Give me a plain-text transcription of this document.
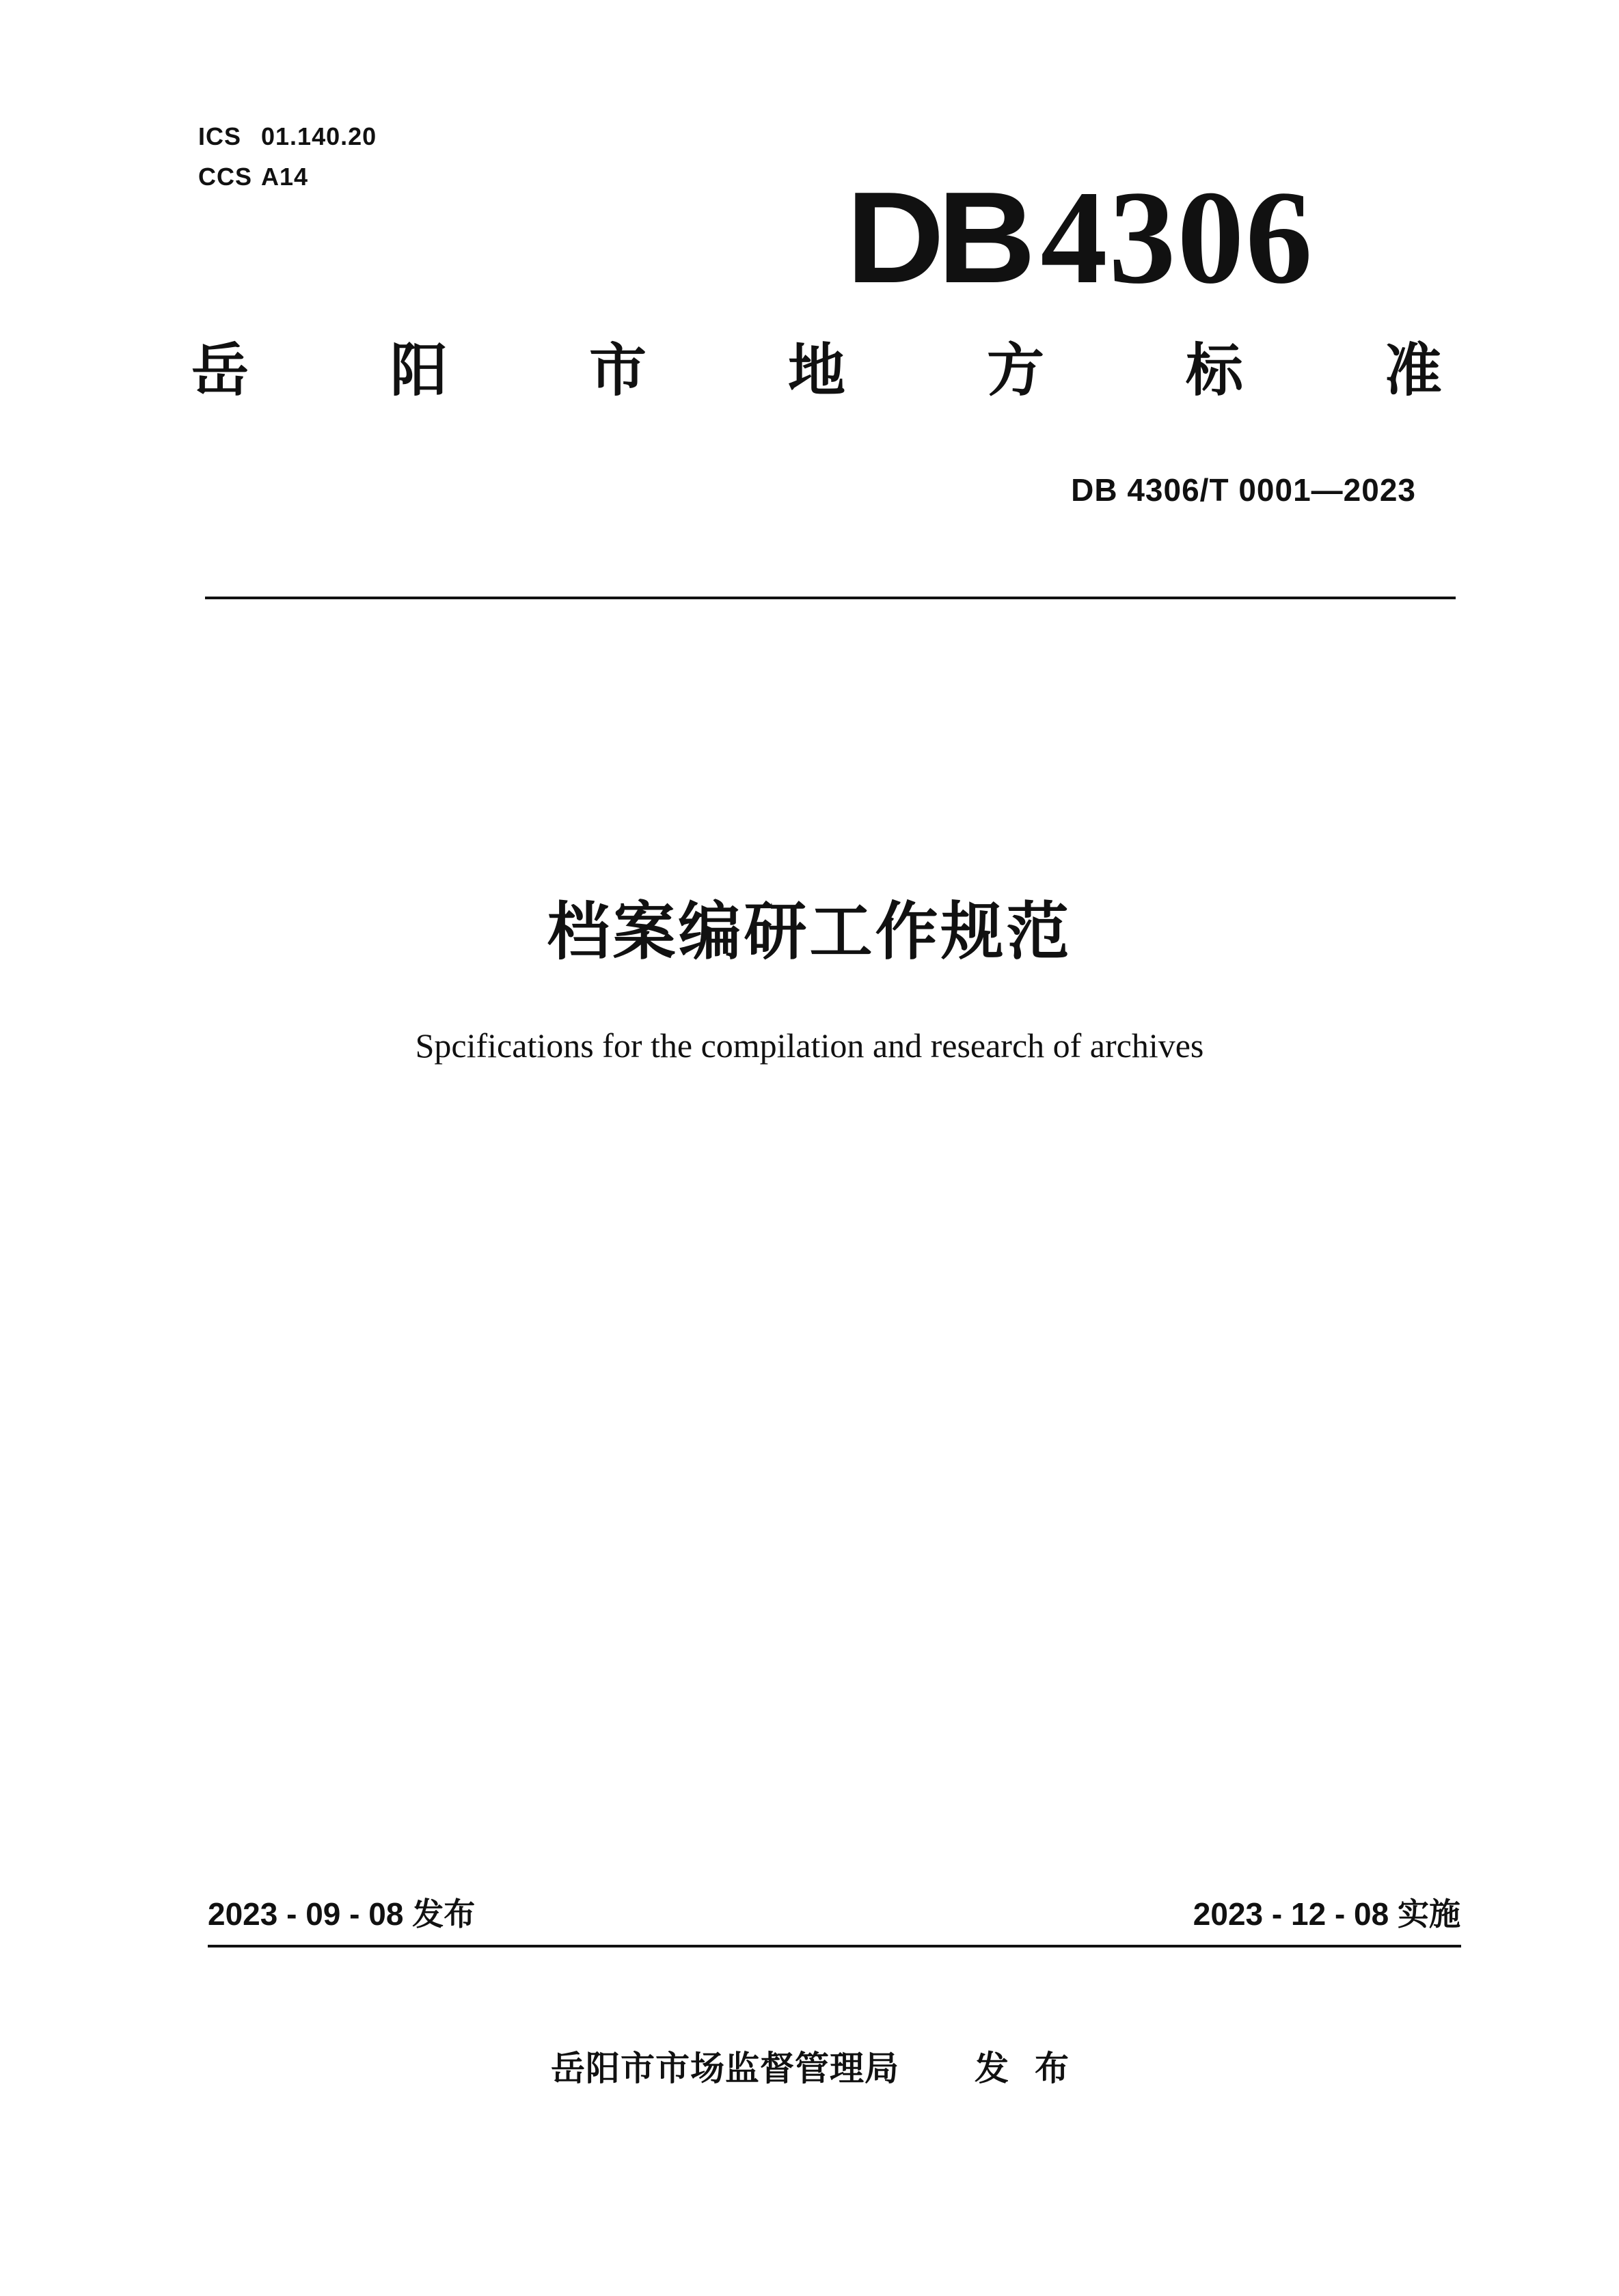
ICS 01.140.20
CCS A14	DB 4306
岳 阳 市 地 方 标 准
DB 4306/T 0001—2023
档案编研工作规范
Spcifications for the compilation and research of archives
2023 - 09 - 08 发布	2023 - 12 - 08 实施
岳阳市市场监督管理局 发布
